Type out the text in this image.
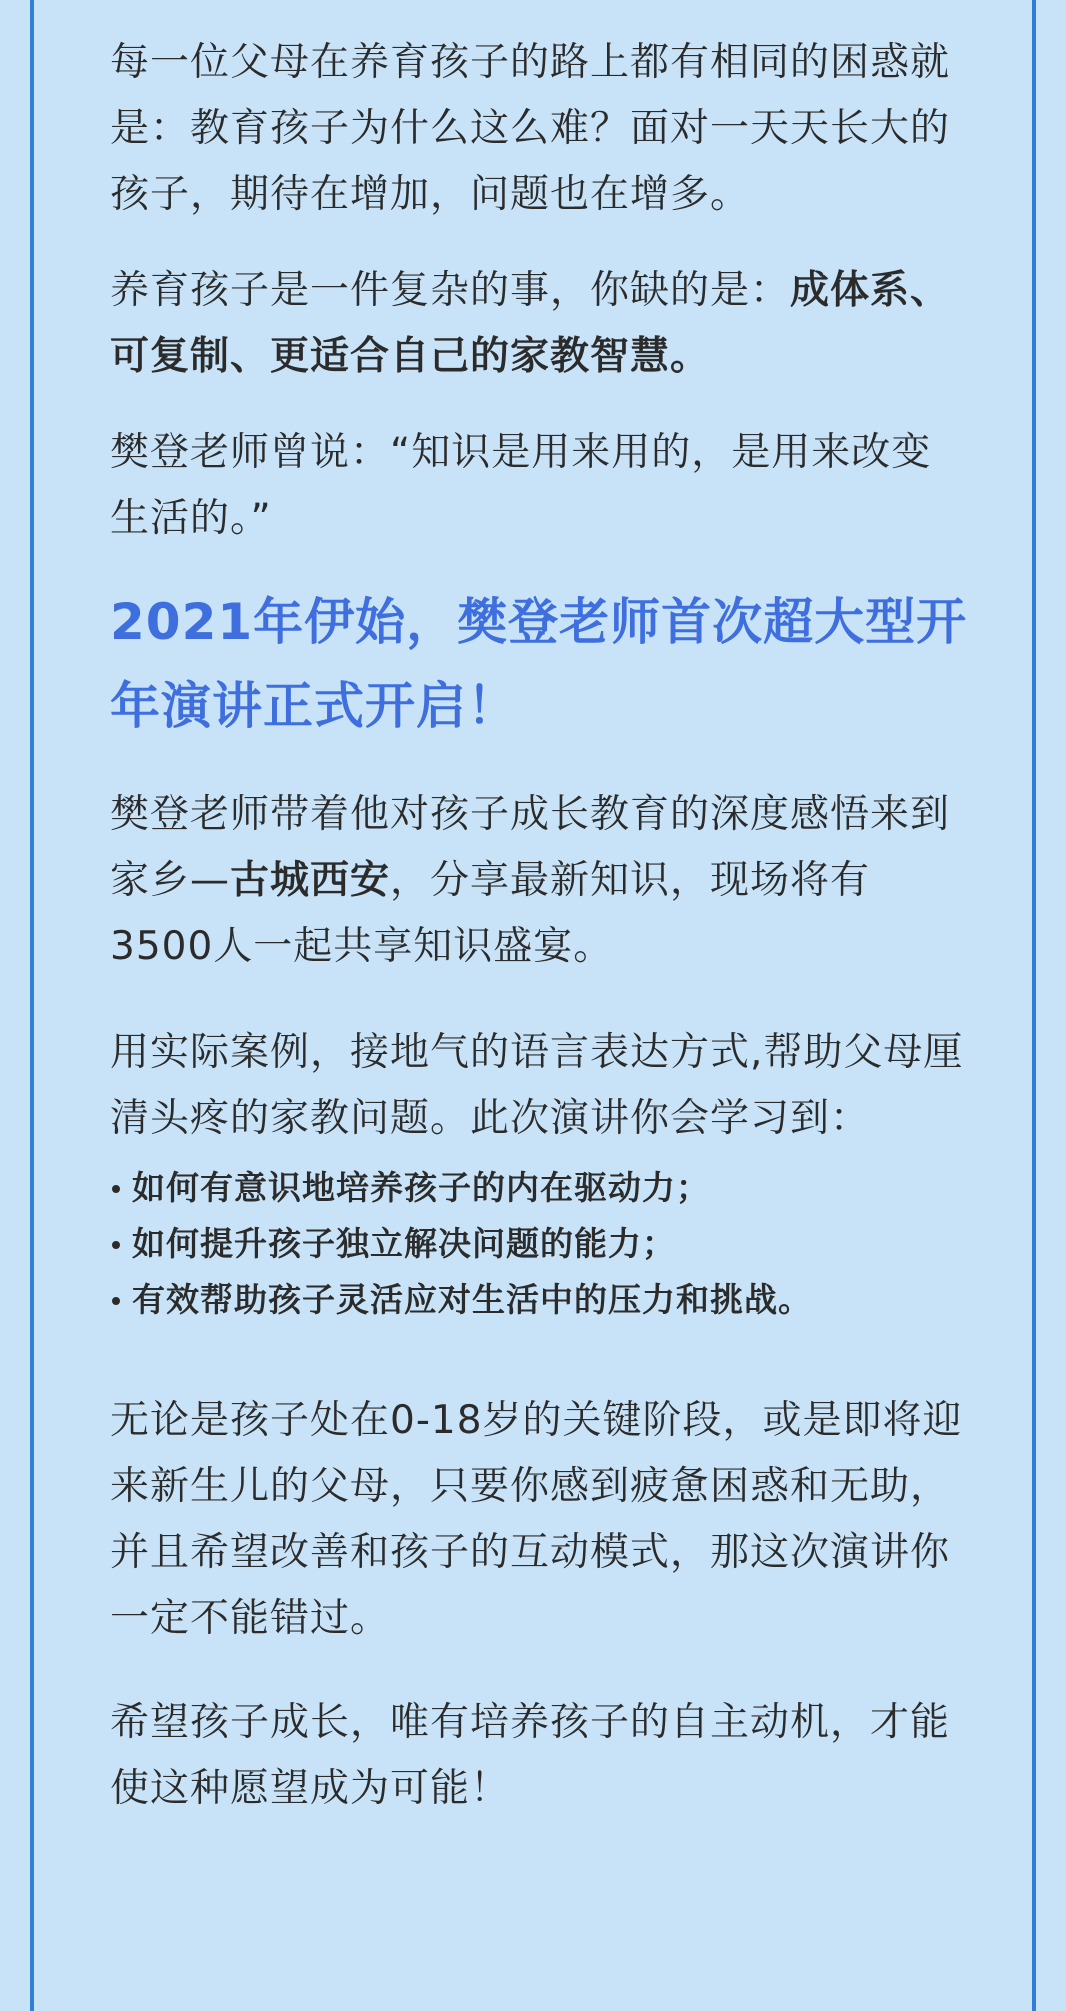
每一位父母在养育孩子的路上都有相同的困惑就是：教育孩子为什么这么难？面对一天天长大的孩子，期待在增加，问题也在增多。

养育孩子是一件复杂的事，你缺的是：成体系、可复制、更适合自己的家教智慧。

樊登老师曾说：“知识是用来用的，是用来改变生活的。”

2021年伊始，樊登老师首次超大型开年演讲正式开启！

樊登老师带着他对孩子成长教育的深度感悟来到家乡—古城西安，分享最新知识，现场将有3500人一起共享知识盛宴。

用实际案例，接地气的语言表达方式,帮助父母厘清头疼的家教问题。此次演讲你会学习到：

如何有意识地培养孩子的内在驱动力；
如何提升孩子独立解决问题的能力；
有效帮助孩子灵活应对生活中的压力和挑战。

无论是孩子处在0-18岁的关键阶段，或是即将迎来新生儿的父母，只要你感到疲惫困惑和无助，并且希望改善和孩子的互动模式，那这次演讲你一定不能错过。

希望孩子成长，唯有培养孩子的自主动机，才能使这种愿望成为可能！
